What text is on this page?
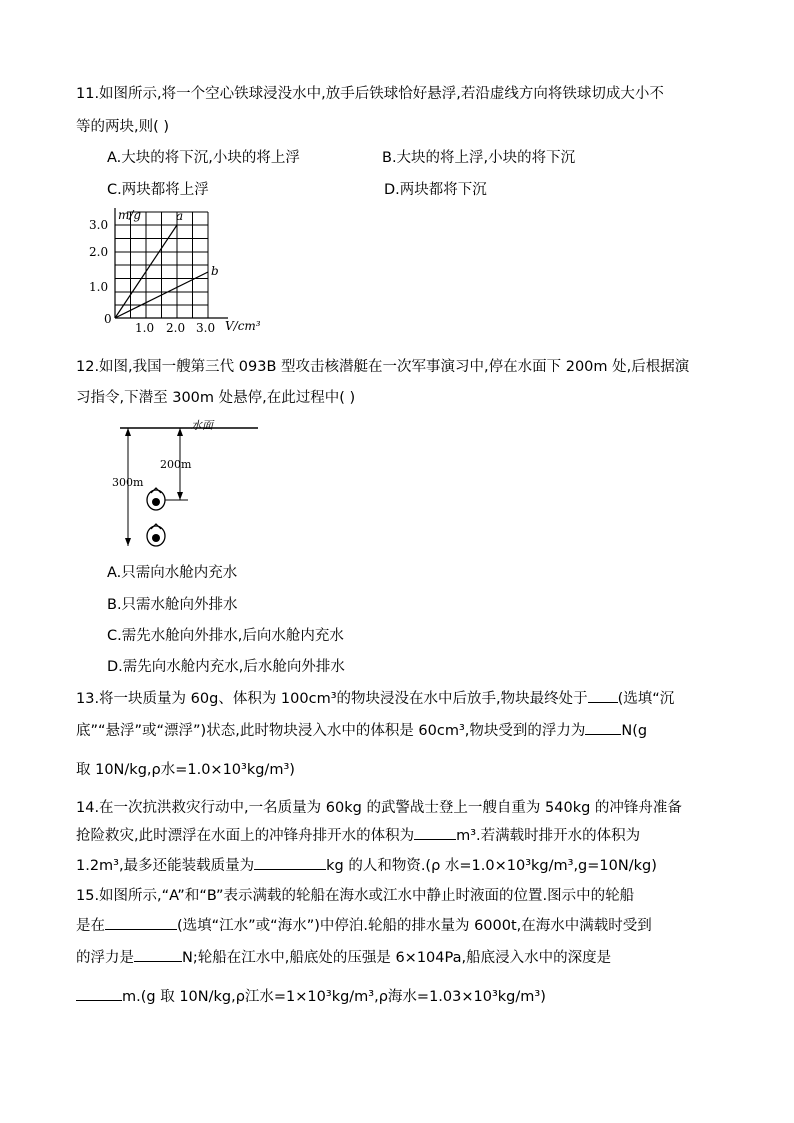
11.如图所示,将一个空心铁球浸没水中,放手后铁球恰好悬浮,若沿虚线方向将铁球切成大小不
等的两块,则( )
A.大块的将下沉,小块的将上浮	B.大块的将上浮,小块的将下沉
C.两块都将上浮	D.两块都将下沉
m/g	a
b
3.0
2.0
1.0
0
1.0 2.0 3.0 V/cm³
12.如图,我国一艘第三代 093B 型攻击核潜艇在一次军事演习中,停在水面下 200m 处,后根据演
习指令,下潜至 300m 处悬停,在此过程中( )
水面
300m
200m
A.只需向水舱内充水
B.只需水舱向外排水
C.需先水舱向外排水,后向水舱内充水
D.需先向水舱内充水,后水舱向外排水
13.将一块质量为 60g、体积为 100cm³的物块浸没在水中后放手,物块最终处于 (选填“沉
底”“悬浮”或“漂浮”)状态,此时物块浸入水中的体积是 60cm³,物块受到的浮力为 N(g
取 10N/kg,ρ水=1.0×10³kg/m³)
14.在一次抗洪救灾行动中,一名质量为 60kg 的武警战士登上一艘自重为 540kg 的冲锋舟准备
抢险救灾,此时漂浮在水面上的冲锋舟排开水的体积为	m³.若满载时排开水的体积为
1.2m³,最多还能装载质量为	kg 的人和物资.(ρ 水=1.0×10³kg/m³,g=10N/kg)
15.如图所示,“A”和“B”表示满载的轮船在海水或江水中静止时液面的位置.图示中的轮船
是在	(选填“江水”或“海水”)中停泊.轮船的排水量为 6000t,在海水中满载时受到
的浮力是	N;轮船在江水中,船底处的压强是 6×104Pa,船底浸入水中的深度是
m.(g 取 10N/kg,ρ江水=1×10³kg/m³,ρ海水=1.03×10³kg/m³)
